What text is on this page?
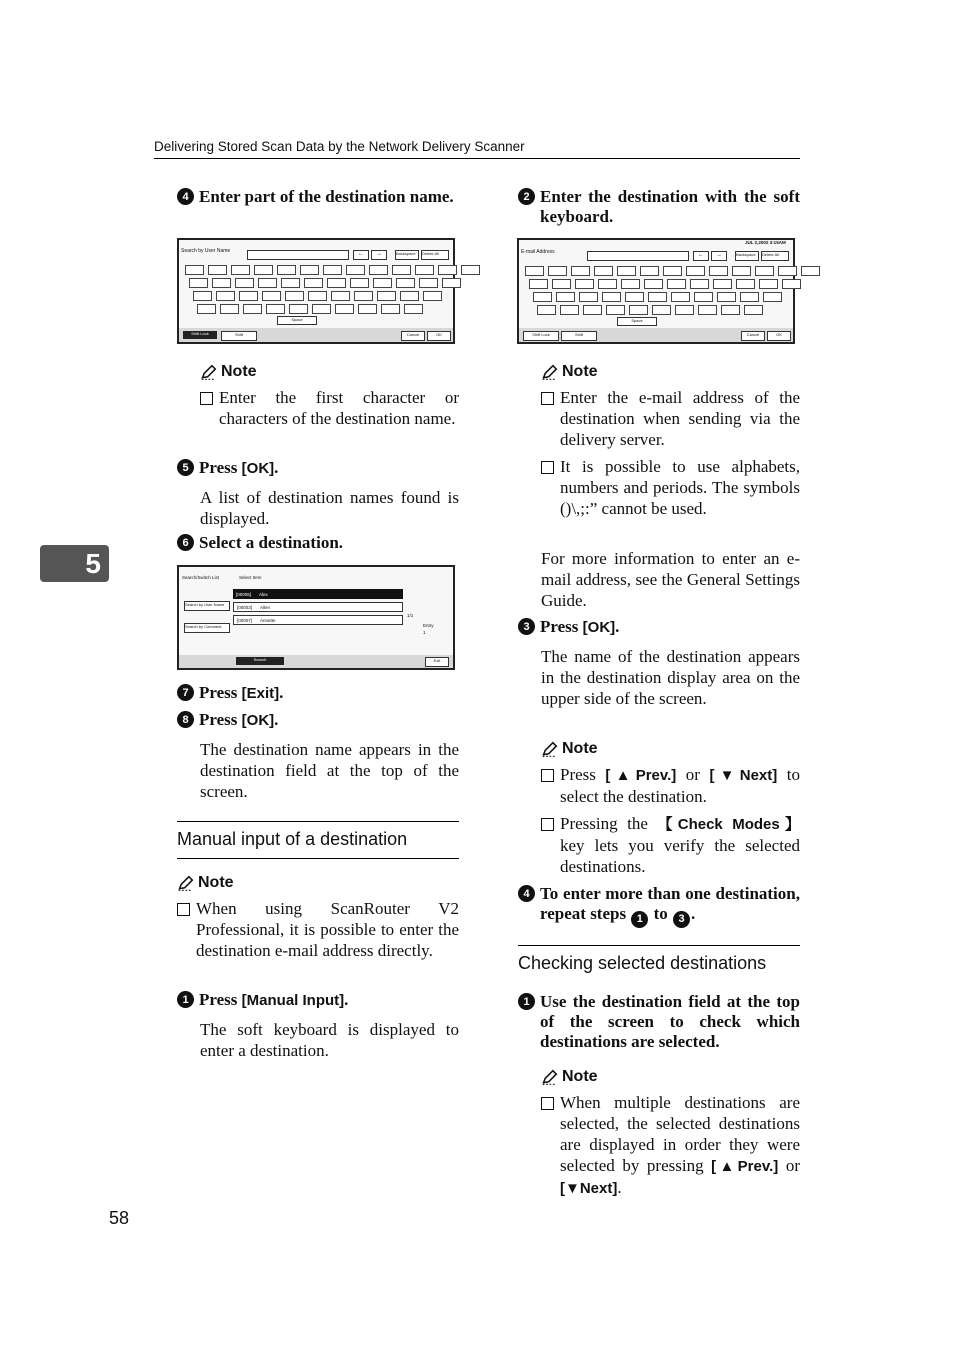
Delivering Stored Scan Data by the Network Delivery Scanner
5
4 Enter part of the destination name.
Search by User Name	←	→	Backspace	Delete All
Space
Shift Lock	Shift	Cancel	OK
Note
Enter the first character or characters of the destination name.
5 Press [OK].
A list of destination names found is displayed.
6 Select a destination.
Search/Switch List	Select Item
Search by User Name
Search by Comment
[00006] Alex
[00003] Allen
[00007] Annette
1/1
Entry
1
Search	Exit
7 Press [Exit].
8 Press [OK].
The destination name appears in the destination field at the top of the screen.
Manual input of a destination
Note
When using ScanRouter V2 Professional, it is possible to enter the destination e-mail address directly.
1 Press [Manual Input].
The soft keyboard is displayed to enter a destination.
2 Enter the destination with the soft keyboard.
JUL 2,2002 3:15AM
E-mail Address	←	→	Backspace	Delete All
Space
Shift Lock	Shift	Cancel	OK
Note
Enter the e-mail address of the destination when sending via the delivery server.
It is possible to use alphabets, numbers and periods. The symbols ()\,;:” cannot be used.
For more information to enter an e-mail address, see the General Settings Guide.
3 Press [OK].
The name of the destination appears in the destination display area on the upper side of the screen.
Note
Press [▲Prev.] or [▼Next] to select the destination.
Pressing the 【Check Modes】 key lets you verify the selected destinations.
4 To enter more than one destination, repeat steps 1 to 3 .
Checking selected destinations
1 Use the destination field at the top of the screen to check which destinations are selected.
Note
When multiple destinations are selected, the selected destinations are displayed in order they were selected by pressing [▲Prev.] or [▼Next].
58
